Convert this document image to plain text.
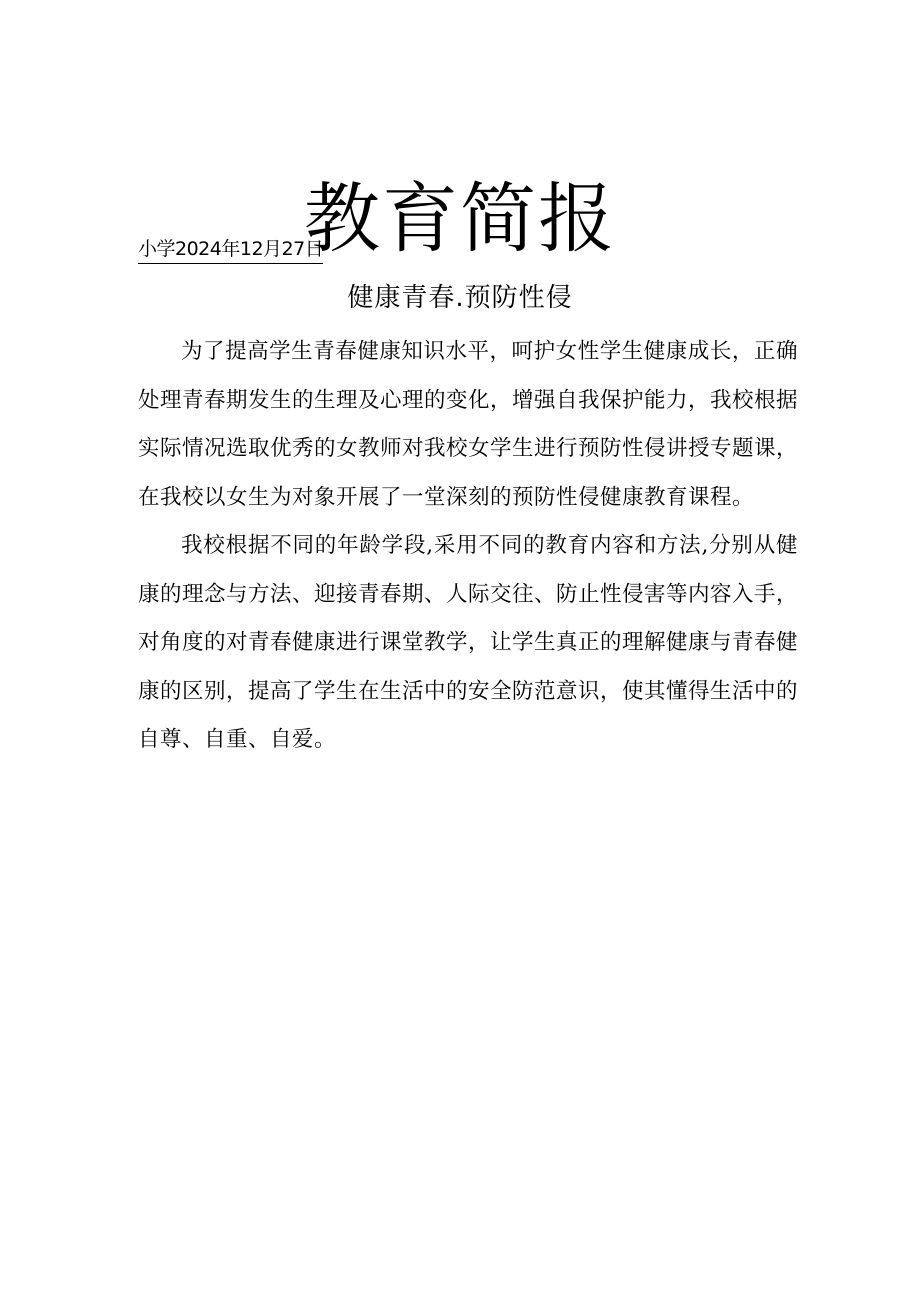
教育简报
小学2024年12月27日
健康青春.预防性侵

为了提高学生青春健康知识水平，呵护女性学生健康成长，正确处理青春期发生的生理及心理的变化，增强自我保护能力，我校根据实际情况选取优秀的女教师对我校女学生进行预防性侵讲授专题课，在我校以女生为对象开展了一堂深刻的预防性侵健康教育课程。

我校根据不同的年龄学段,采用不同的教育内容和方法,分别从健康的理念与方法、迎接青春期、人际交往、防止性侵害等内容入手，对角度的对青春健康进行课堂教学，让学生真正的理解健康与青春健康的区别，提高了学生在生活中的安全防范意识，使其懂得生活中的自尊、自重、自爱。
